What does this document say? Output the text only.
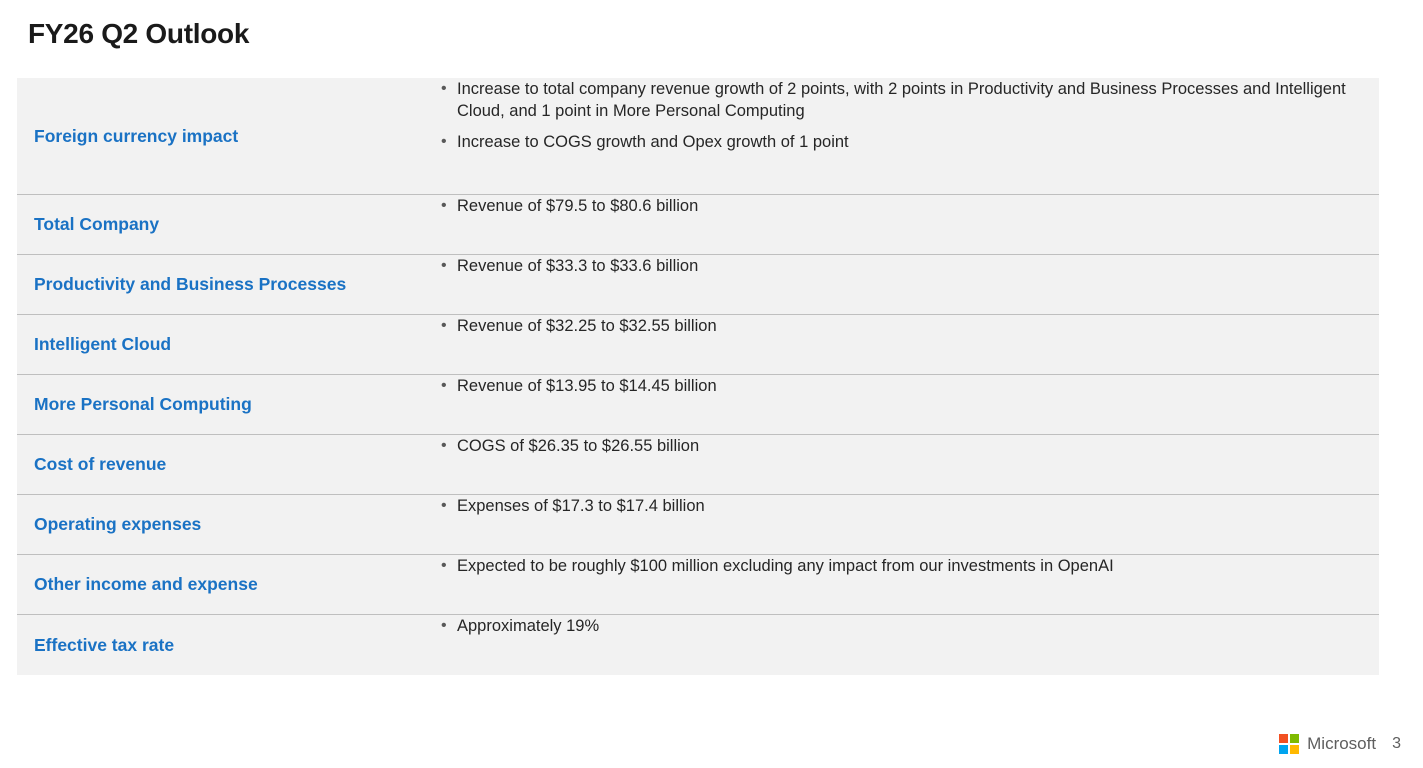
FY26 Q2 Outlook
Foreign currency impact
• Increase to total company revenue growth of 2 points, with 2 points in Productivity and Business Processes and Intelligent Cloud, and 1 point in More Personal Computing
• Increase to COGS growth and Opex growth of 1 point
Total Company
• Revenue of $79.5 to $80.6 billion
Productivity and Business Processes
• Revenue of $33.3 to $33.6 billion
Intelligent Cloud
• Revenue of $32.25 to $32.55 billion
More Personal Computing
• Revenue of $13.95 to $14.45 billion
Cost of revenue
• COGS of $26.35 to $26.55 billion
Operating expenses
• Expenses of $17.3 to $17.4 billion
Other income and expense
• Expected to be roughly $100 million excluding any impact from our investments in OpenAI
Effective tax rate
• Approximately 19%
Microsoft 3
